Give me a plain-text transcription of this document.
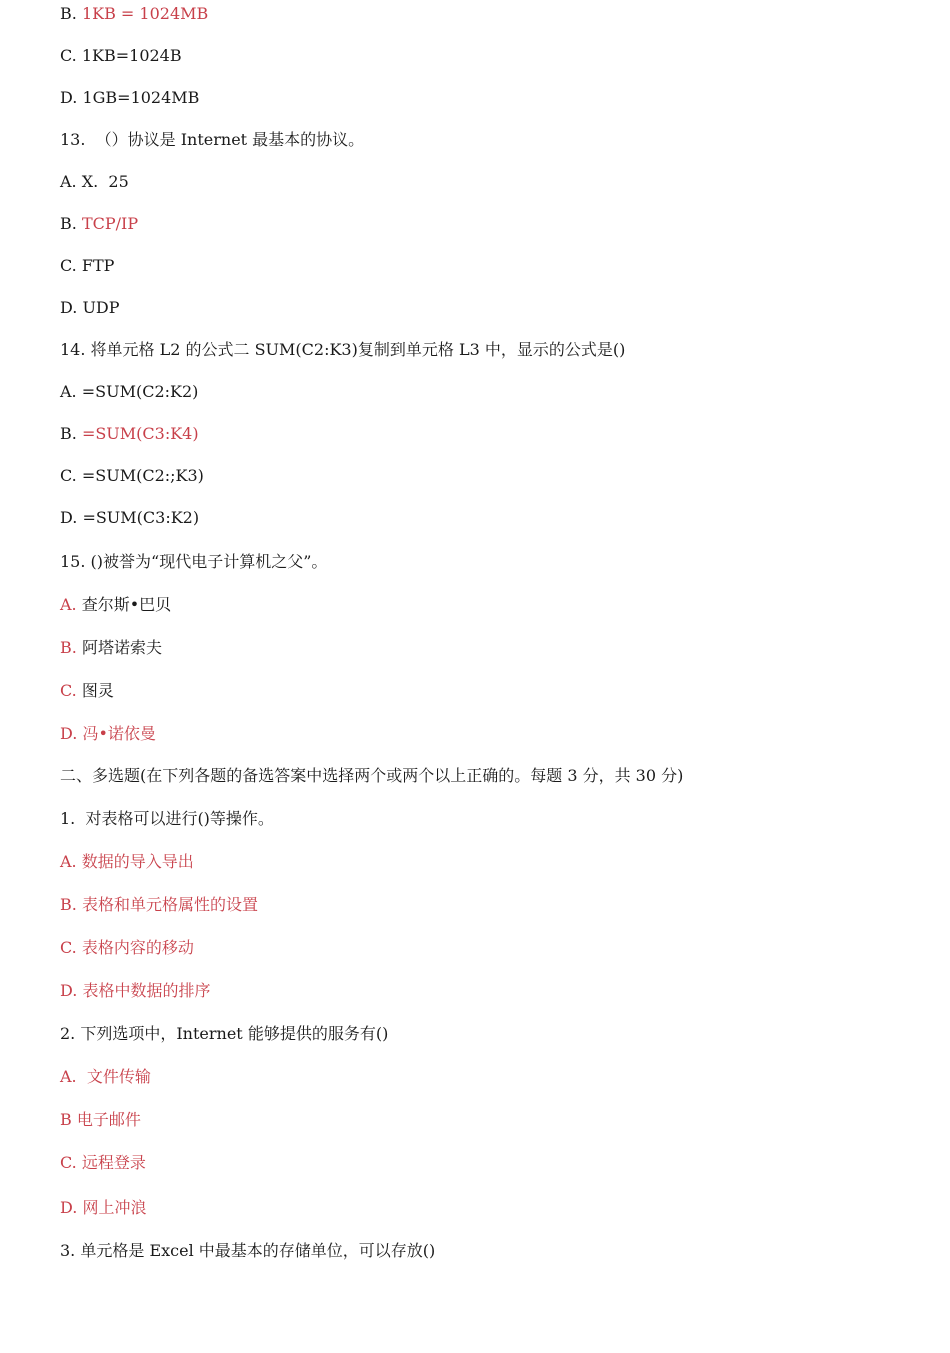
B. 1KB = 1024MB
C. 1KB=1024B
D. 1GB=1024MB
13.  （）协议是 Internet 最基本的协议。
A. X.  25
B. TCP/IP
C. FTP
D. UDP
14. 将单元格 L2 的公式二 SUM(C2:K3)复制到单元格 L3 中，显示的公式是()
A. =SUM(C2:K2)
B. =SUM(C3:K4)
C. =SUM(C2:;K3)
D. =SUM(C3:K2)
15. ()被誉为“现代电子计算机之父”。
A. 查尔斯•巴贝
B. 阿塔诺索夫
C. 图灵
D. 冯•诺依曼
二、多选题(在下列各题的备选答案中选择两个或两个以上正确的。每题 3 分，共 30 分)
1.  对表格可以进行()等操作。
A. 数据的导入导出
B. 表格和单元格属性的设置
C. 表格内容的移动
D. 表格中数据的排序
2. 下列选项中，Internet 能够提供的服务有()
A.  文件传输
B 电子邮件
C. 远程登录
D. 网上冲浪
3. 单元格是 Excel 中最基本的存储单位，可以存放()
